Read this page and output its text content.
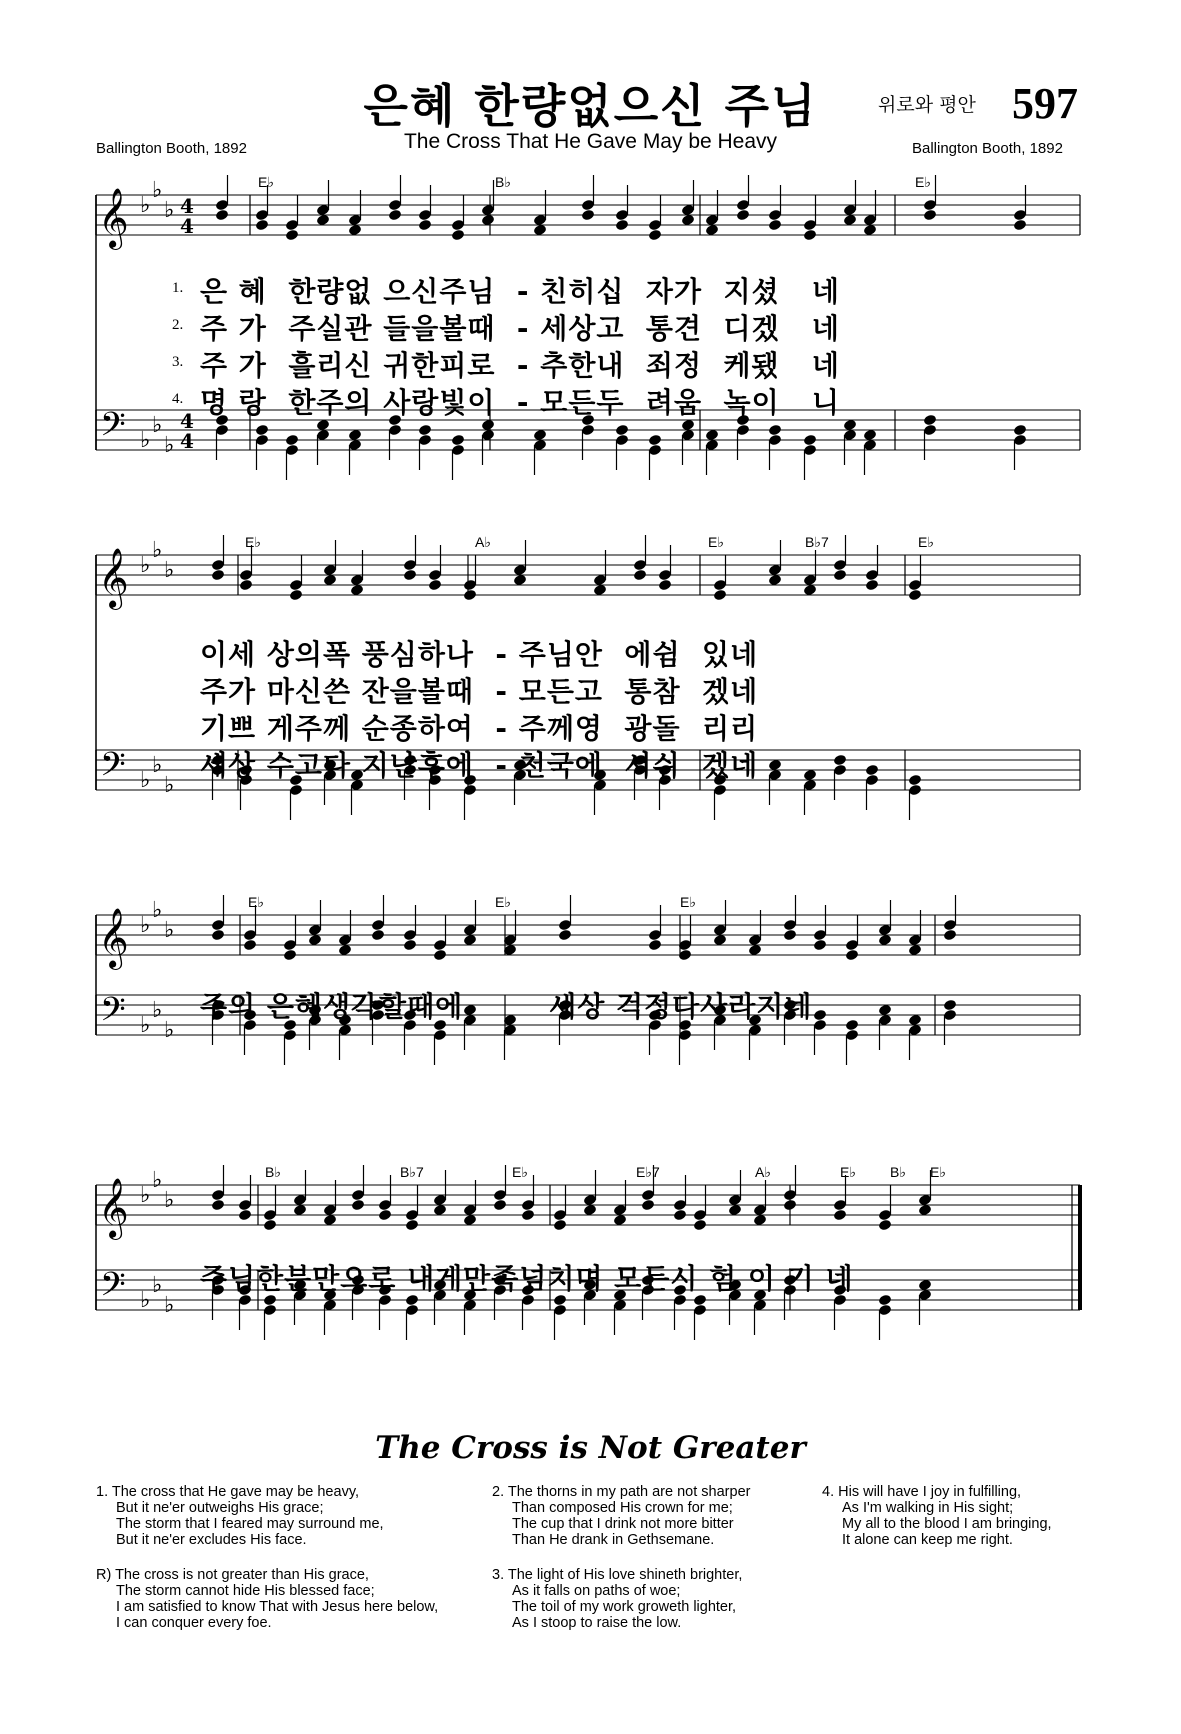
은혜 한량없으신 주님
The Cross That He Gave May be Heavy
위로와 평안 597
Ballington Booth, 1892	Ballington Booth, 1892
𝄞 ♭
♭
♭ 4
4
𝄢 ♭
♭
♭
4
4
E♭	B♭	E♭
1. 은 혜  한량없 으신주님  - 친히십  자가  지셨   네
2. 주 가  주실관 들을볼때  - 세상고  통견  디겠   네
3. 주 가  흘리신 귀한피로  - 추한내  죄정  케됐   네
4. 명 랑  한주의 사랑빛이  - 모든두  려움  녹이   니
𝄞 ♭
♭
♭
𝄢 ♭
♭
♭
E♭	A♭	E♭	B♭7	E♭
이세 상의폭 풍심하나  - 주님안  에쉼  있네
주가 마신쓴 잔을볼때  - 모든고  통참  겠네
기쁘 게주께 순종하여  - 주께영  광돌  리리
세상 수고다 지난후에  - 천국에  서쉬  겠네
𝄞 ♭
♭
♭
𝄢 ♭
♭
♭
E♭	E♭	E♭
주의 은혜생각할때에        세상 걱정다사라지네
𝄞 ♭
♭
♭
𝄢 ♭
♭
♭
B♭	B♭7	E♭	E♭7	A♭	E♭ B♭ E♭
주님한분만으로 내게만족넘치며 모든시 험 이 기 네
The Cross is Not Greater
1. The cross that He gave may be heavy,
But it ne'er outweighs His grace;
The storm that I feared may surround me,
But it ne'er excludes His face.
R) The cross is not greater than His grace,
The storm cannot hide His blessed face;
I am satisfied to know That with Jesus here below,
I can conquer every foe.
2. The thorns in my path are not sharper
Than composed His crown for me;
The cup that I drink not more bitter
Than He drank in Gethsemane.
3. The light of His love shineth brighter,
As it falls on paths of woe;
The toil of my work groweth lighter,
As I stoop to raise the low.
4. His will have I joy in fulfilling,
As I'm walking in His sight;
My all to the blood I am bringing,
It alone can keep me right.
